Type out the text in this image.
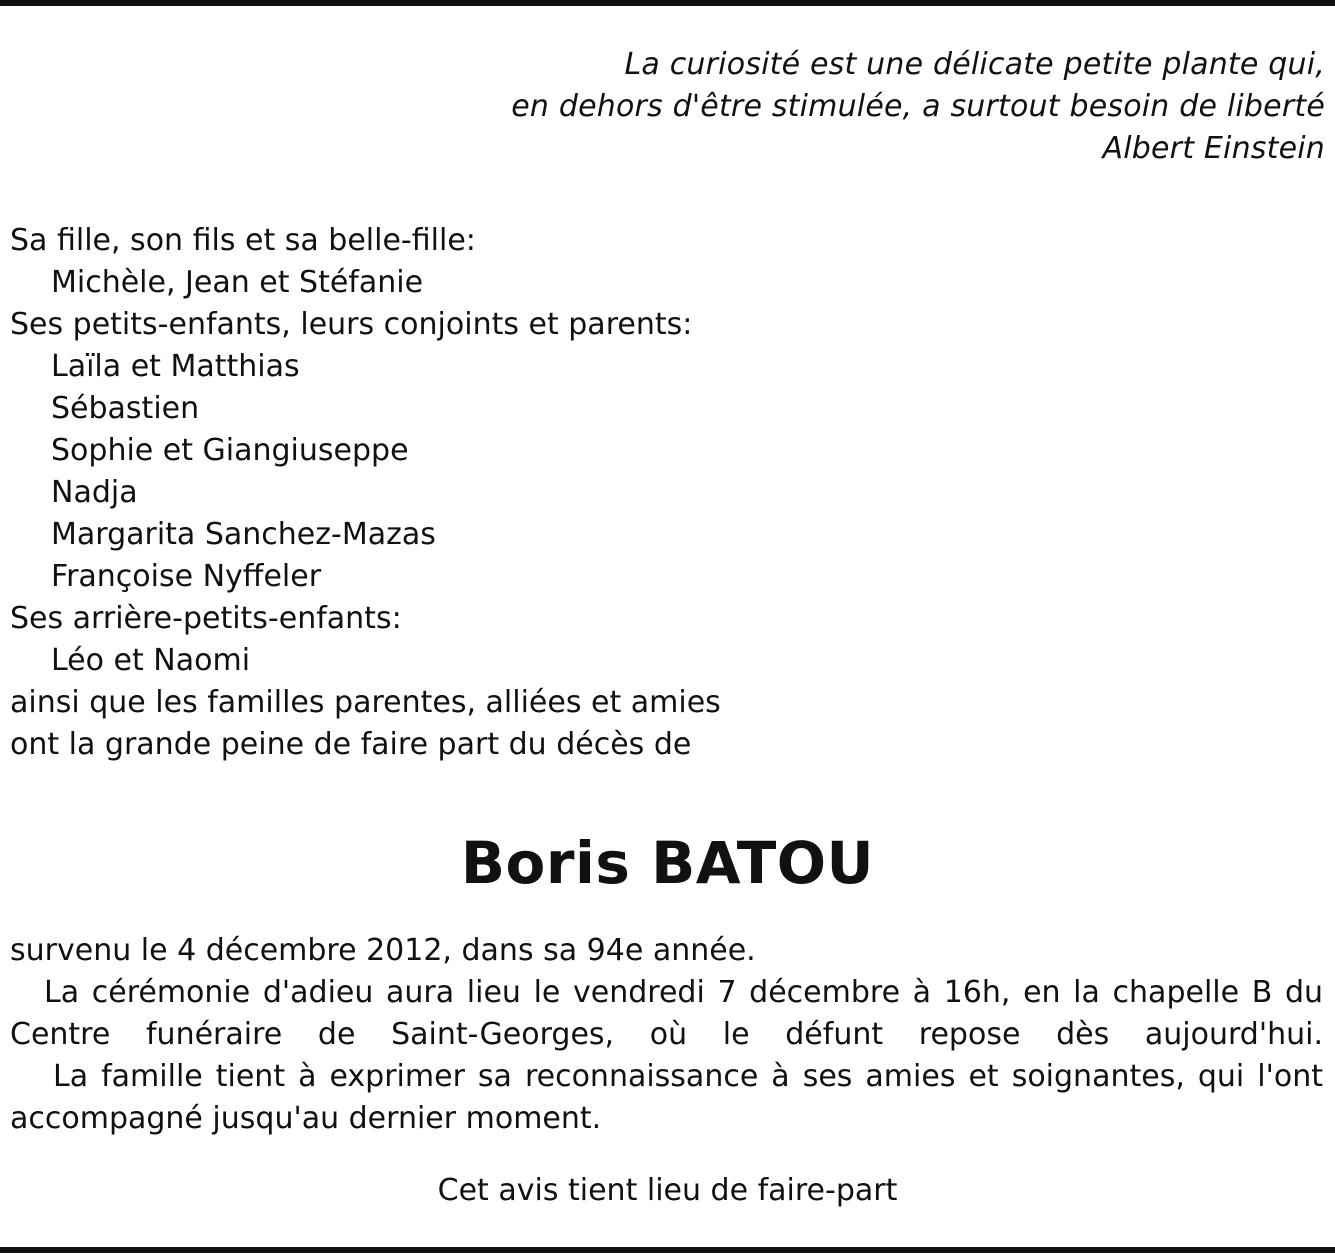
La curiosité est une délicate petite plante qui,
en dehors d'être stimulée, a surtout besoin de liberté
Albert Einstein
Sa fille, son fils et sa belle-fille:
Michèle, Jean et Stéfanie
Ses petits-enfants, leurs conjoints et parents:
Laïla et Matthias
Sébastien
Sophie et Giangiuseppe
Nadja
Margarita Sanchez-Mazas
Françoise Nyffeler
Ses arrière-petits-enfants:
Léo et Naomi
ainsi que les familles parentes, alliées et amies
ont la grande peine de faire part du décès de
Boris BATOU
survenu le 4 décembre 2012, dans sa 94e année.
La cérémonie d'adieu aura lieu le vendredi 7 décembre à 16h, en la chapelle B du
Centre funéraire de Saint-Georges, où le défunt repose dès aujourd'hui.
La famille tient à exprimer sa reconnaissance à ses amies et soignantes, qui l'ont
accompagné jusqu'au dernier moment.
Cet avis tient lieu de faire-part
